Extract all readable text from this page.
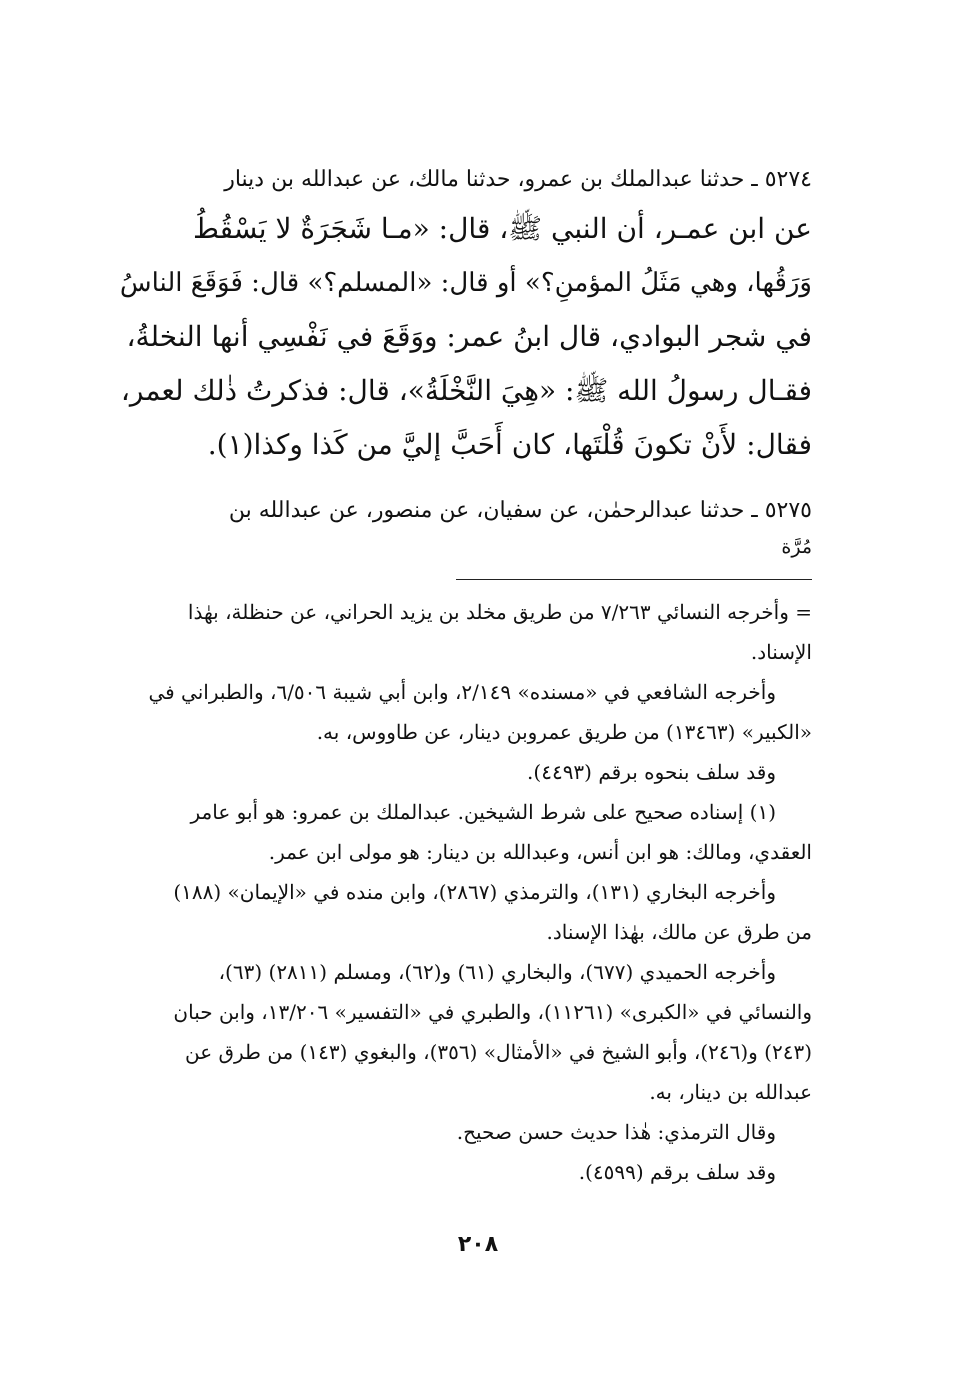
٥٢٧٤ ـ حدثنا عبدالملك بن عمرو، حدثنا مالك، عن عبدالله بن دينار
عن ابن عمـر، أن النبي ﷺ، قال: «مـا شَجَرَةٌ لا يَسْقُطُ
وَرَقُها، وهي مَثَلُ المؤمنِ؟» أو قال: «المسلم؟» قال: فَوَقَعَ الناسُ
في شجر البوادي، قال ابنُ عمر: ووَقَعَ في نَفْسِي أنها النخلةُ،
فقـال رسولُ الله ﷺ: «هِيَ النَّخْلَةُ»، قال: فذكرتُ ذٰلك لعمر،
فقال: لأَنْ تكونَ قُلْتَها، كان أَحَبَّ إليَّ من كَذا وكذا(١).
٥٢٧٥ ـ حدثنا عبدالرحمٰن، عن سفيان، عن منصور، عن عبدالله بن
مُرَّة
= وأخرجه النسائي ٧/٢٦٣ من طريق مخلد بن يزيد الحراني، عن حنظلة، بهٰذا
الإسناد.
وأخرجه الشافعي في «مسنده» ٢/١٤٩، وابن أبي شيبة ٦/٥٠٦، والطبراني في
«الكبير» (١٣٤٦٣) من طريق عمروبن دينار، عن طاووس، به.
وقد سلف بنحوه برقم (٤٤٩٣).
(١) إسناده صحيح على شرط الشيخين. عبدالملك بن عمرو: هو أبو عامر
العقدي، ومالك: هو ابن أنس، وعبدالله بن دينار: هو مولى ابن عمر.
وأخرجه البخاري (١٣١)، والترمذي (٢٨٦٧)، وابن منده في «الإيمان» (١٨٨)
من طرق عن مالك، بهٰذا الإسناد.
وأخرجه الحميدي (٦٧٧)، والبخاري (٦١) و(٦٢)، ومسلم (٢٨١١) (٦٣)،
والنسائي في «الكبرى» (١١٢٦١)، والطبري في «التفسير» ١٣/٢٠٦، وابن حبان
(٢٤٣) و(٢٤٦)، وأبو الشيخ في «الأمثال» (٣٥٦)، والبغوي (١٤٣) من طرق عن
عبدالله بن دينار، به.
وقال الترمذي: هٰذا حديث حسن صحيح.
وقد سلف برقم (٤٥٩٩).
٢٠٨
